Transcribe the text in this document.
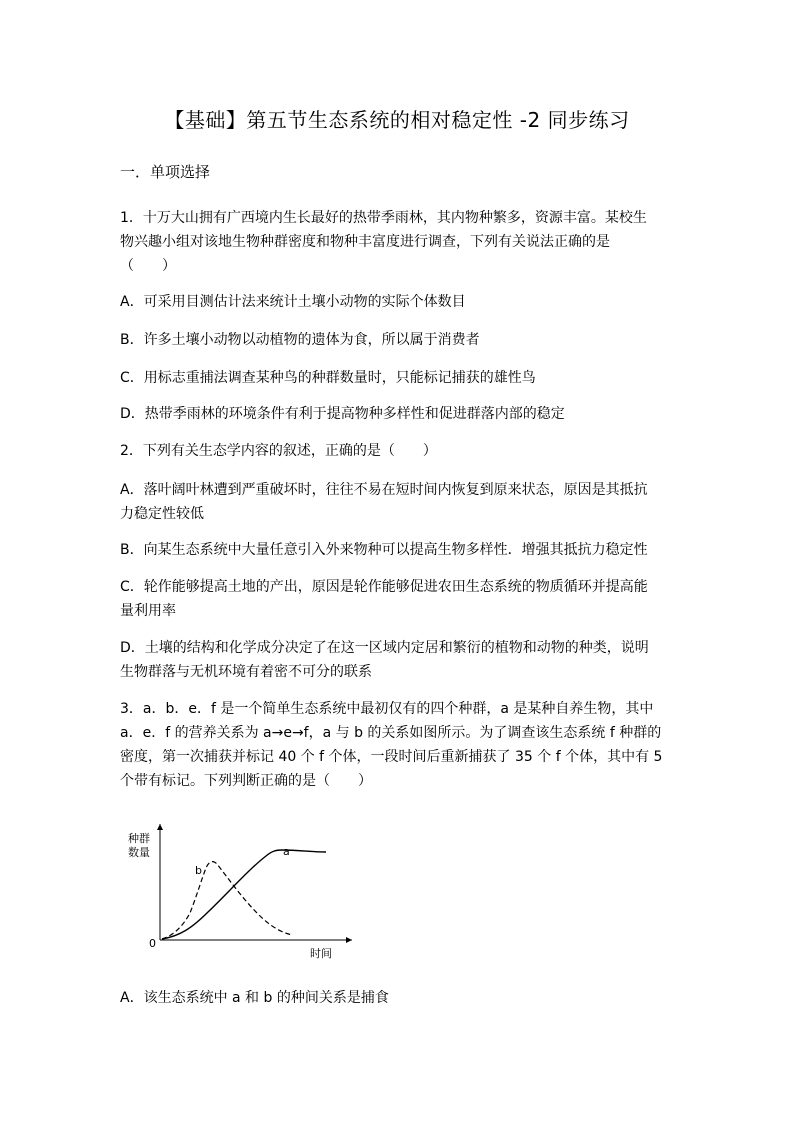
【基础】第五节生态系统的相对稳定性 -2 同步练习
一．单项选择
1．十万大山拥有广西境内生长最好的热带季雨林，其内物种繁多，资源丰富。某校生
物兴趣小组对该地生物种群密度和物种丰富度进行调查，下列有关说法正确的是
（　　）
A．可采用目测估计法来统计土壤小动物的实际个体数目
B．许多土壤小动物以动植物的遗体为食，所以属于消费者
C．用标志重捕法调查某种鸟的种群数量时，只能标记捕获的雄性鸟
D．热带季雨林的环境条件有利于提高物种多样性和促进群落内部的稳定
2．下列有关生态学内容的叙述，正确的是（　　）
A．落叶阔叶林遭到严重破坏时，往往不易在短时间内恢复到原来状态，原因是其抵抗
力稳定性较低
B．向某生态系统中大量任意引入外来物种可以提高生物多样性．增强其抵抗力稳定性
C．轮作能够提高土地的产出，原因是轮作能够促进农田生态系统的物质循环并提高能
量利用率
D．土壤的结构和化学成分决定了在这一区域内定居和繁衍的植物和动物的种类，说明
生物群落与无机环境有着密不可分的联系
3．a．b．e．f 是一个简单生态系统中最初仅有的四个种群，a 是某种自养生物，其中
a．e．f 的营养关系为 a→e→f，a 与 b 的关系如图所示。为了调查该生态系统 f 种群的
密度，第一次捕获并标记 40 个 f 个体，一段时间后重新捕获了 35 个 f 个体，其中有 5
个带有标记。下列判断正确的是（　　）
种群
数量
时间
0
a
b
A．该生态系统中 a 和 b 的种间关系是捕食
